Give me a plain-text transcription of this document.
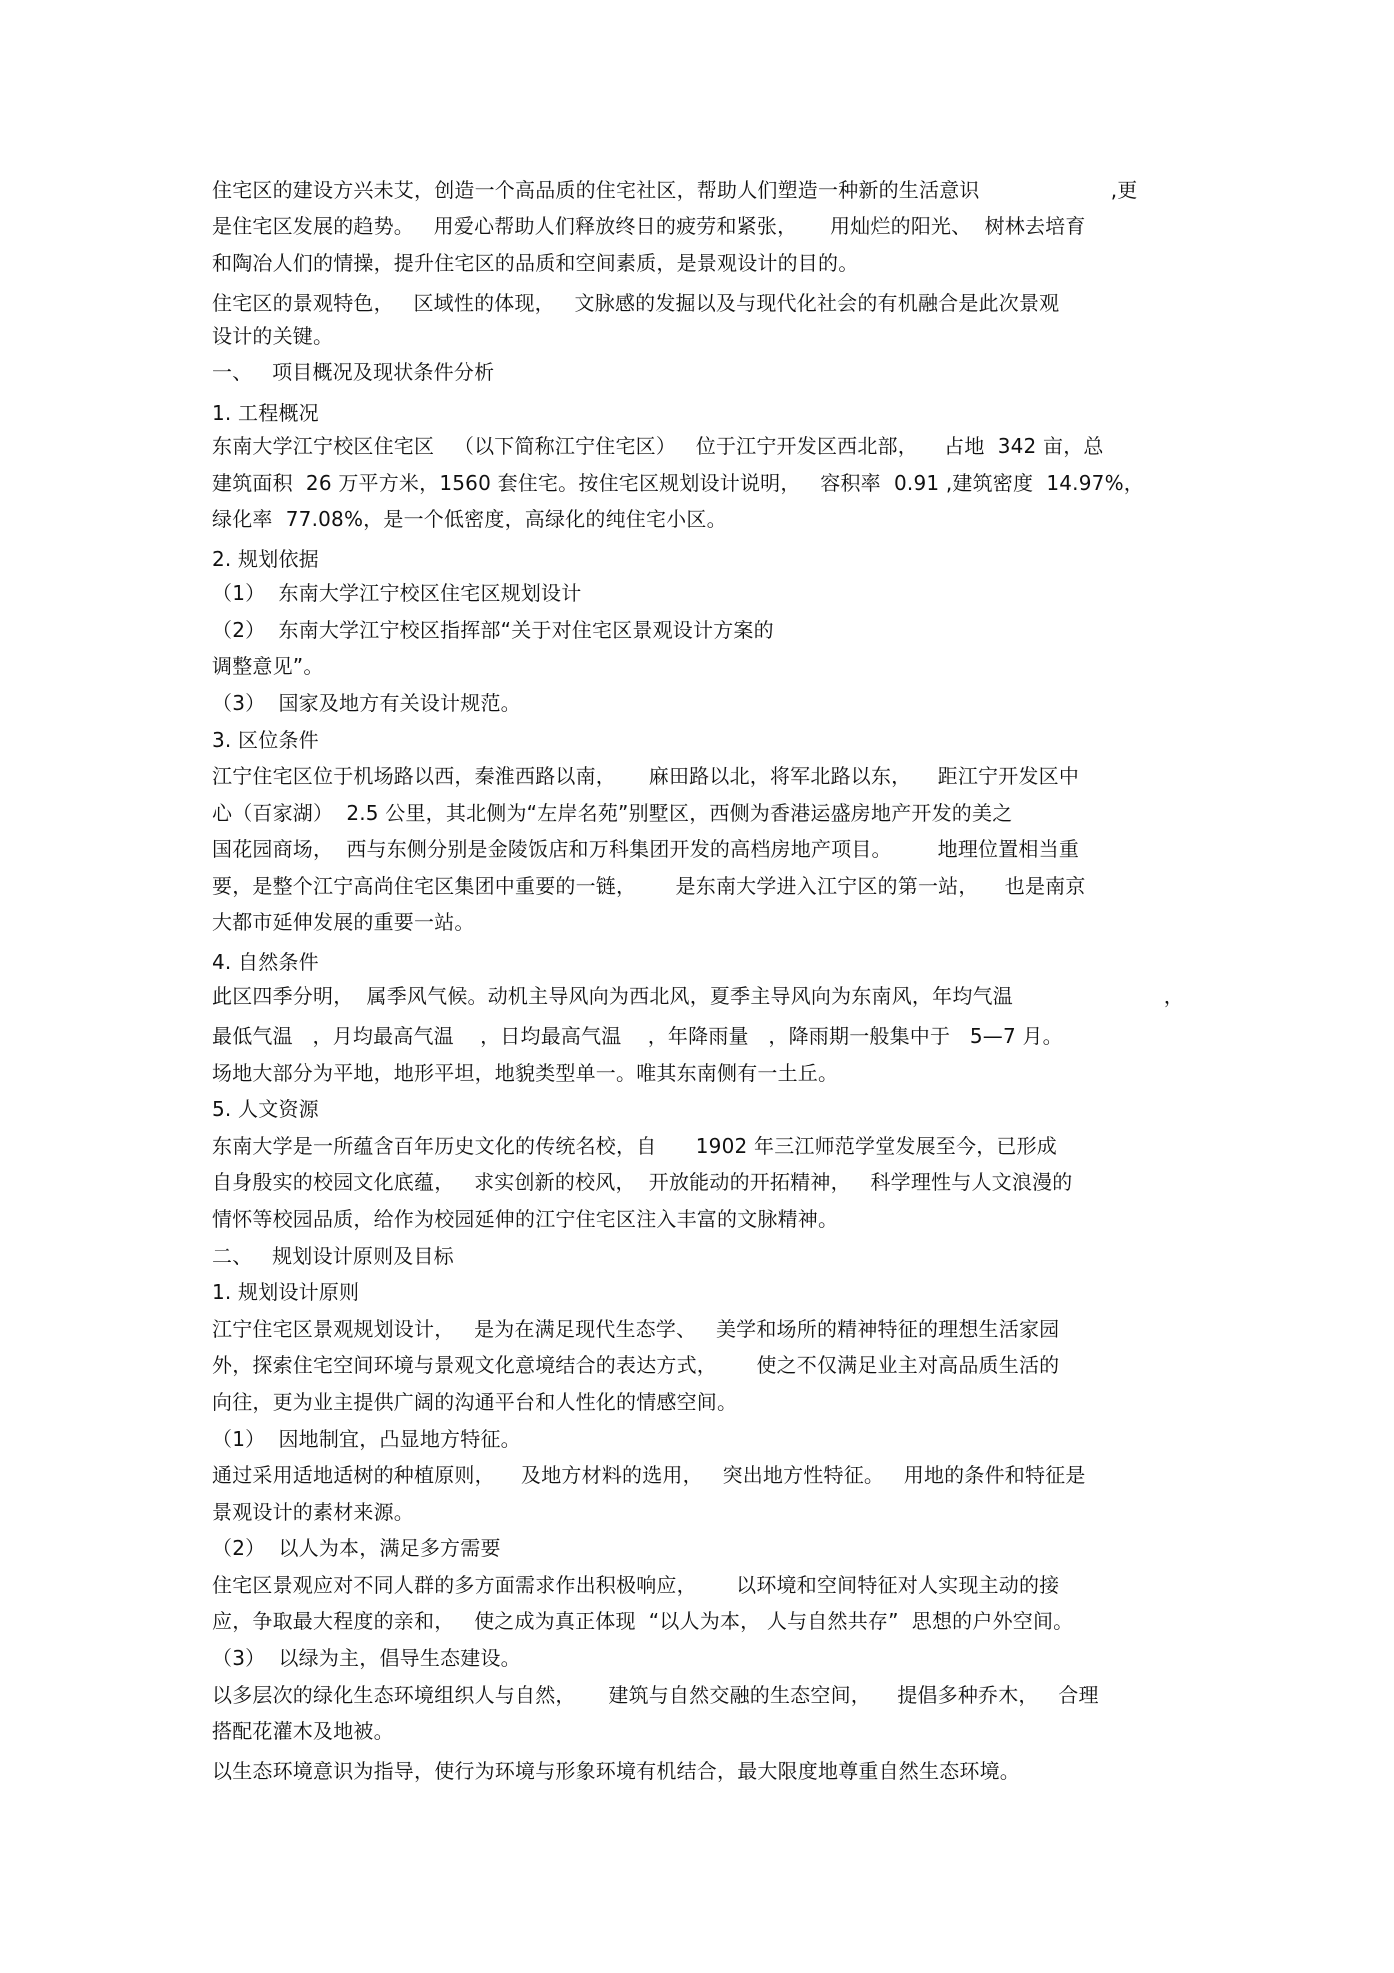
住宅区的建设方兴未艾，创造一个高品质的住宅社区，帮助人们塑造一种新的生活意识                    ,更
是住宅区发展的趋势。   用爱心帮助人们释放终日的疲劳和紧张，     用灿烂的阳光、  树林去培育
和陶冶人们的情操，提升住宅区的品质和空间素质，是景观设计的目的。
住宅区的景观特色，   区域性的体现，   文脉感的发掘以及与现代化社会的有机融合是此次景观
设计的关键。
一、   项目概况及现状条件分析
1. 工程概况
东南大学江宁校区住宅区   （以下简称江宁住宅区）   位于江宁开发区西北部，    占地  342 亩，总
建筑面积  26 万平方米，1560 套住宅。按住宅区规划设计说明，   容积率  0.91 ,建筑密度  14.97%，
绿化率  77.08%，是一个低密度，高绿化的纯住宅小区。
2. 规划依据
（1）  东南大学江宁校区住宅区规划设计
（2）  东南大学江宁校区指挥部“关于对住宅区景观设计方案的
调整意见”。
（3）  国家及地方有关设计规范。
3. 区位条件
江宁住宅区位于机场路以西，秦淮西路以南，     麻田路以北，将军北路以东，    距江宁开发区中
心（百家湖）  2.5 公里，其北侧为“左岸名苑”别墅区，西侧为香港运盛房地产开发的美之
国花园商场，  西与东侧分别是金陵饭店和万科集团开发的高档房地产项目。       地理位置相当重
要，是整个江宁高尚住宅区集团中重要的一链，      是东南大学进入江宁区的第一站，    也是南京
大都市延伸发展的重要一站。
4. 自然条件
此区四季分明，  属季风气候。动机主导风向为西北风，夏季主导风向为东南风，年均气温                       ，
最低气温   ，月均最高气温    ，日均最高气温    ，年降雨量   ，降雨期一般集中于   5—7 月。
场地大部分为平地，地形平坦，地貌类型单一。唯其东南侧有一土丘。
5. 人文资源
东南大学是一所蕴含百年历史文化的传统名校，自      1902 年三江师范学堂发展至今，已形成
自身殷实的校园文化底蕴，   求实创新的校风，  开放能动的开拓精神，   科学理性与人文浪漫的
情怀等校园品质，给作为校园延伸的江宁住宅区注入丰富的文脉精神。
二、   规划设计原则及目标
1. 规划设计原则
江宁住宅区景观规划设计，   是为在满足现代生态学、   美学和场所的精神特征的理想生活家园
外，探索住宅空间环境与景观文化意境结合的表达方式，      使之不仅满足业主对高品质生活的
向往，更为业主提供广阔的沟通平台和人性化的情感空间。
（1）  因地制宜，凸显地方特征。
通过采用适地适树的种植原则，    及地方材料的选用，   突出地方性特征。   用地的条件和特征是
景观设计的素材来源。
（2）  以人为本，满足多方需要
住宅区景观应对不同人群的多方面需求作出积极响应，      以环境和空间特征对人实现主动的接
应，争取最大程度的亲和，   使之成为真正体现  “以人为本， 人与自然共存”  思想的户外空间。
（3）  以绿为主，倡导生态建设。
以多层次的绿化生态环境组织人与自然，     建筑与自然交融的生态空间，    提倡多种乔木，   合理
搭配花灌木及地被。
以生态环境意识为指导，使行为环境与形象环境有机结合，最大限度地尊重自然生态环境。
